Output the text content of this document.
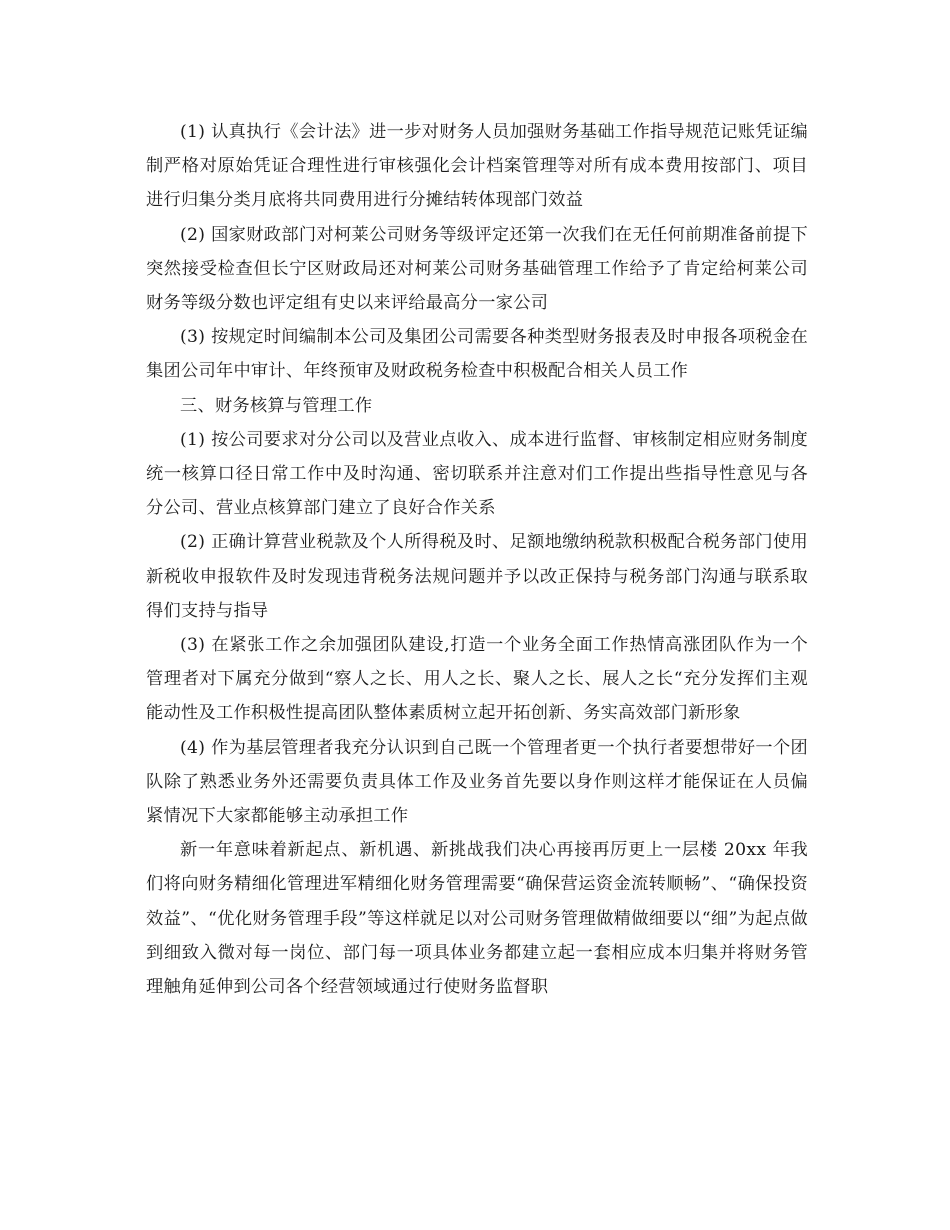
(1) 认真执行《会计法》进一步对财务人员加强财务基础工作指导规范记账凭证编制严格对原始凭证合理性进行审核强化会计档案管理等对所有成本费用按部门、项目进行归集分类月底将共同费用进行分摊结转体现部门效益

(2) 国家财政部门对柯莱公司财务等级评定还第一次我们在无任何前期准备前提下突然接受检查但长宁区财政局还对柯莱公司财务基础管理工作给予了肯定给柯莱公司财务等级分数也评定组有史以来评给最高分一家公司

(3) 按规定时间编制本公司及集团公司需要各种类型财务报表及时申报各项税金在集团公司年中审计、年终预审及财政税务检查中积极配合相关人员工作

三、财务核算与管理工作

(1) 按公司要求对分公司以及营业点收入、成本进行监督、审核制定相应财务制度统一核算口径日常工作中及时沟通、密切联系并注意对们工作提出些指导性意见与各分公司、营业点核算部门建立了良好合作关系

(2) 正确计算营业税款及个人所得税及时、足额地缴纳税款积极配合税务部门使用新税收申报软件及时发现违背税务法规问题并予以改正保持与税务部门沟通与联系取得们支持与指导

(3) 在紧张工作之余加强团队建设,打造一个业务全面工作热情高涨团队作为一个管理者对下属充分做到“察人之长、用人之长、聚人之长、展人之长“充分发挥们主观能动性及工作积极性提高团队整体素质树立起开拓创新、务实高效部门新形象

(4) 作为基层管理者我充分认识到自己既一个管理者更一个执行者要想带好一个团队除了熟悉业务外还需要负责具体工作及业务首先要以身作则这样才能保证在人员偏紧情况下大家都能够主动承担工作

新一年意味着新起点、新机遇、新挑战我们决心再接再厉更上一层楼 20xx 年我们将向财务精细化管理进军精细化财务管理需要“确保营运资金流转顺畅”、“确保投资效益”、“优化财务管理手段”等这样就足以对公司财务管理做精做细要以“细”为起点做到细致入微对每一岗位、部门每一项具体业务都建立起一套相应成本归集并将财务管理触角延伸到公司各个经营领域通过行使财务监督职
